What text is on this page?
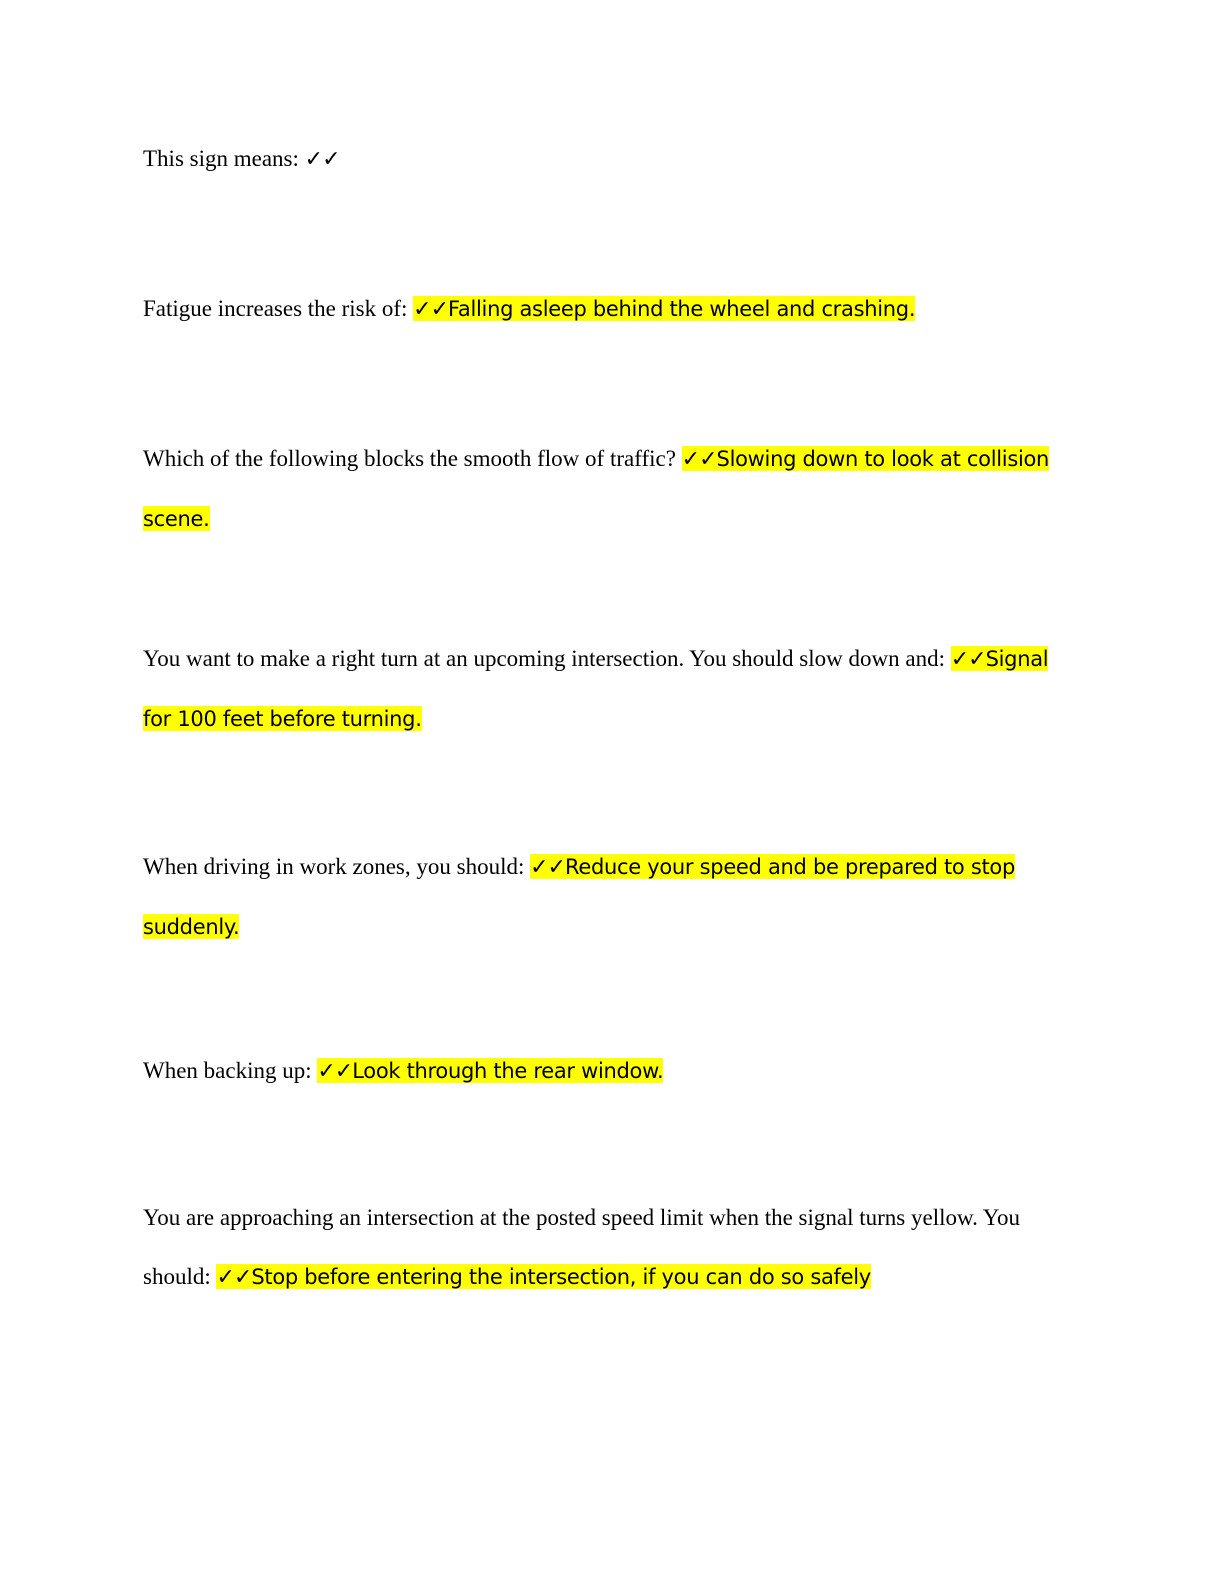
This sign means: ✓✓

Fatigue increases the risk of: ✓✓Falling asleep behind the wheel and crashing.

Which of the following blocks the smooth flow of traffic? ✓✓Slowing down to look at collision scene.

You want to make a right turn at an upcoming intersection. You should slow down and: ✓✓Signal for 100 feet before turning.

When driving in work zones, you should: ✓✓Reduce your speed and be prepared to stop suddenly.

When backing up: ✓✓Look through the rear window.

You are approaching an intersection at the posted speed limit when the signal turns yellow. You should: ✓✓Stop before entering the intersection, if you can do so safely
